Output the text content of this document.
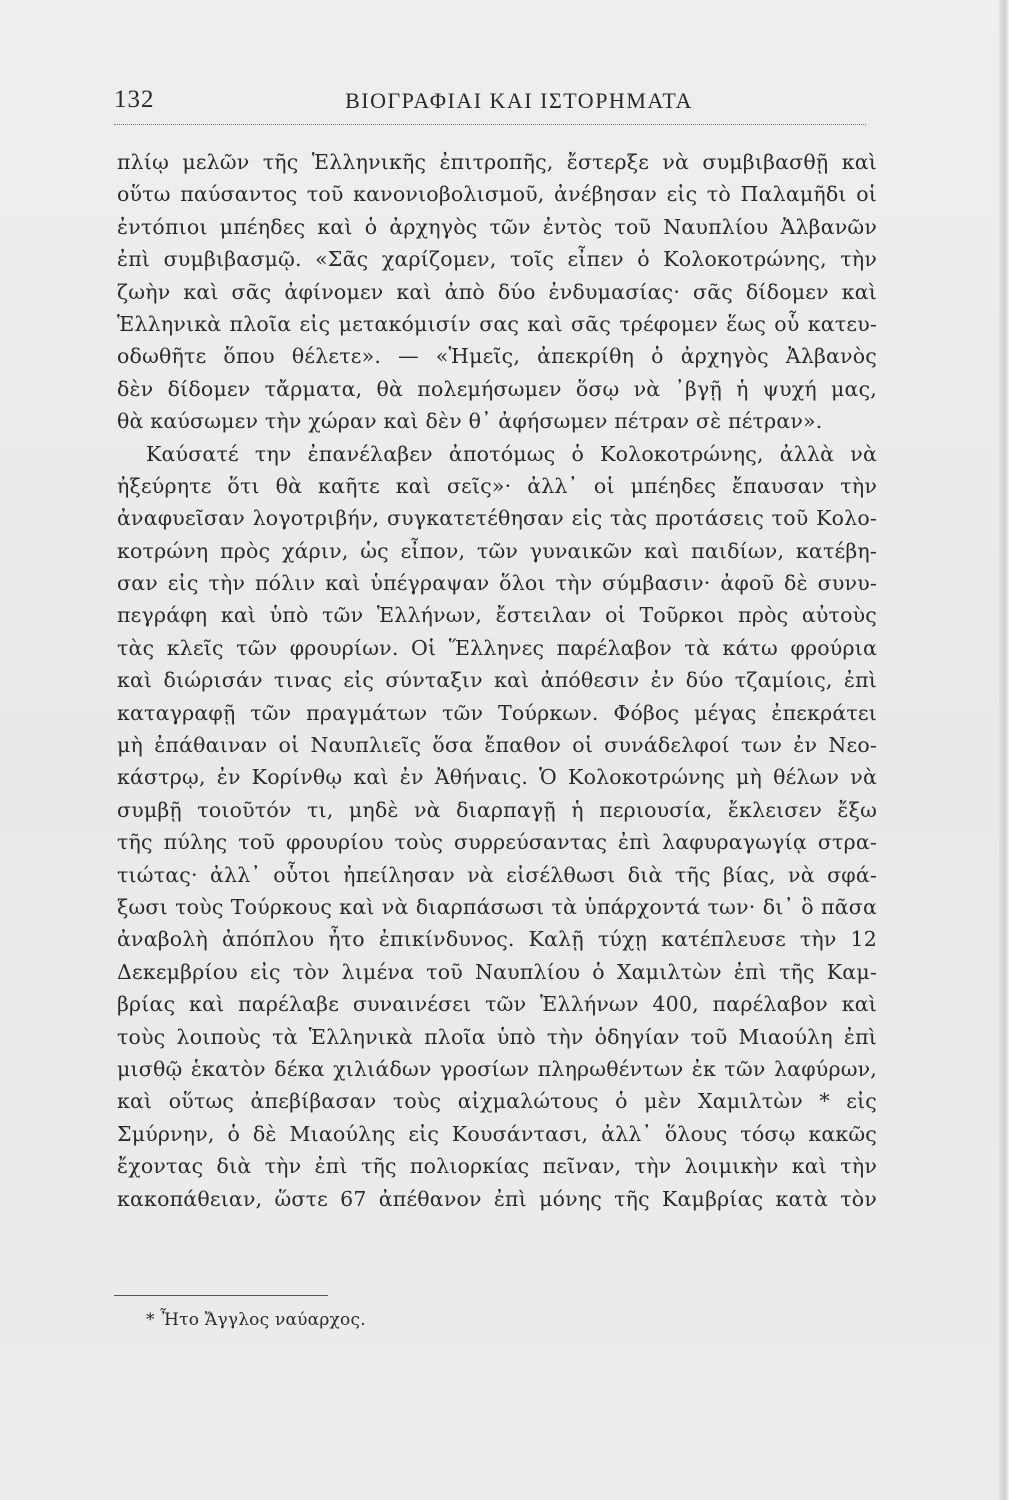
132	ΒΙΟΓΡΑΦΙΑΙ ΚΑΙ ΙΣΤΟΡΗΜΑΤΑ
πλίῳ μελῶν τῆς Ἑλληνικῆς ἐπιτροπῆς, ἔστερξε νὰ συμβιβασθῇ καὶ
οὕτω παύσαντος τοῦ κανονιοβολισμοῦ, ἀνέβησαν εἰς τὸ Παλαμῆδι οἱ
ἐντόπιοι μπέηδες καὶ ὁ ἀρχηγὸς τῶν ἐντὸς τοῦ Ναυπλίου Ἀλβανῶν
ἐπὶ συμβιβασμῷ. «Σᾶς χαρίζομεν, τοῖς εἶπεν ὁ Κολοκοτρώνης, τὴν
ζωὴν καὶ σᾶς ἀφίνομεν καὶ ἀπὸ δύο ἐνδυμασίας· σᾶς δίδομεν καὶ
Ἑλληνικὰ πλοῖα εἰς μετακόμισίν σας καὶ σᾶς τρέφομεν ἕως οὗ κατευ-
οδωθῆτε ὅπου θέλετε». — «Ἡμεῖς, ἀπεκρίθη ὁ ἀρχηγὸς Ἀλβανὸς
δὲν δίδομεν τἄρματα, θὰ πολεμήσωμεν ὅσῳ νὰ ᾽βγῇ ἡ ψυχή μας,
θὰ καύσωμεν τὴν χώραν καὶ δὲν θ᾽ ἀφήσωμεν πέτραν σὲ πέτραν».
Καύσατέ την ἐπανέλαβεν ἀποτόμως ὁ Κολοκοτρώνης, ἀλλὰ νὰ
ἠξεύρητε ὅτι θὰ καῆτε καὶ σεῖς»· ἀλλ᾽ οἱ μπέηδες ἔπαυσαν τὴν
ἀναφυεῖσαν λογοτριβήν, συγκατετέθησαν εἰς τὰς προτάσεις τοῦ Κολο-
κοτρώνη πρὸς χάριν, ὡς εἶπον, τῶν γυναικῶν καὶ παιδίων, κατέβη-
σαν εἰς τὴν πόλιν καὶ ὑπέγραψαν ὅλοι τὴν σύμβασιν· ἀφοῦ δὲ συνυ-
πεγράφη καὶ ὑπὸ τῶν Ἑλλήνων, ἔστειλαν οἱ Τοῦρκοι πρὸς αὐτοὺς
τὰς κλεῖς τῶν φρουρίων. Οἱ Ἕλληνες παρέλαβον τὰ κάτω φρούρια
καὶ διώρισάν τινας εἰς σύνταξιν καὶ ἀπόθεσιν ἐν δύο τζαμίοις, ἐπὶ
καταγραφῇ τῶν πραγμάτων τῶν Τούρκων. Φόβος μέγας ἐπεκράτει
μὴ ἐπάθαιναν οἱ Ναυπλιεῖς ὅσα ἔπαθον οἱ συνάδελφοί των ἐν Νεο-
κάστρῳ, ἐν Κορίνθῳ καὶ ἐν Ἀθήναις. Ὁ Κολοκοτρώνης μὴ θέλων νὰ
συμβῇ τοιοῦτόν τι, μηδὲ νὰ διαρπαγῇ ἡ περιουσία, ἔκλεισεν ἔξω
τῆς πύλης τοῦ φρουρίου τοὺς συρρεύσαντας ἐπὶ λαφυραγωγίᾳ στρα-
τιώτας· ἀλλ᾽ οὗτοι ἠπείλησαν νὰ εἰσέλθωσι διὰ τῆς βίας, νὰ σφά-
ξωσι τοὺς Τούρκους καὶ νὰ διαρπάσωσι τὰ ὑπάρχοντά των· δι᾽ ὃ πᾶσα
ἀναβολὴ ἀπόπλου ἦτο ἐπικίνδυνος. Καλῇ τύχῃ κατέπλευσε τὴν 12
Δεκεμβρίου εἰς τὸν λιμένα τοῦ Ναυπλίου ὁ Χαμιλτὼν ἐπὶ τῆς Καμ-
βρίας καὶ παρέλαβε συναινέσει τῶν Ἑλλήνων 400, παρέλαβον καὶ
τοὺς λοιποὺς τὰ Ἑλληνικὰ πλοῖα ὑπὸ τὴν ὁδηγίαν τοῦ Μιαούλη ἐπὶ
μισθῷ ἑκατὸν δέκα χιλιάδων γροσίων πληρωθέντων ἐκ τῶν λαφύρων,
καὶ οὕτως ἀπεβίβασαν τοὺς αἰχμαλώτους ὁ μὲν Χαμιλτὼν * εἰς
Σμύρνην, ὁ δὲ Μιαούλης εἰς Κουσάντασι, ἀλλ᾽ ὅλους τόσῳ κακῶς
ἔχοντας διὰ τὴν ἐπὶ τῆς πολιορκίας πεῖναν, τὴν λοιμικὴν καὶ τὴν
κακοπάθειαν, ὥστε 67 ἀπέθανον ἐπὶ μόνης τῆς Καμβρίας κατὰ τὸν
* Ἦτο Ἄγγλος ναύαρχος.
